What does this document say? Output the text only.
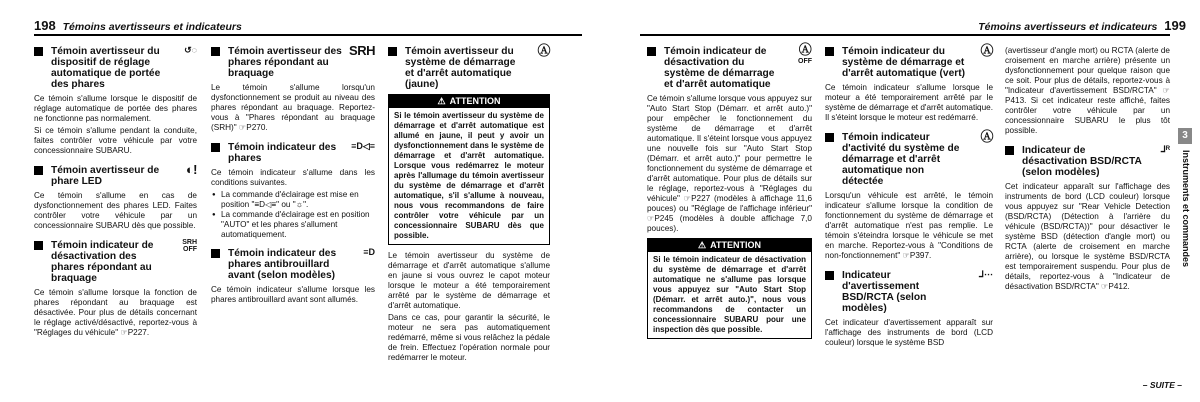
198 Témoins avertisseurs et indicateurs	Témoins avertisseurs et indicateurs 199
Témoin avertisseur du dispositif de réglage automatique de portée des phares
↺◌

Ce témoin s'allume lorsque le dispositif de réglage automatique de portée des phares ne fonctionne pas normalement.

Si ce témoin s'allume pendant la conduite, faites contrôler votre véhicule par votre concessionnaire SUBARU.

Témoin avertisseur de phare LED
◐!

Ce témoin s'allume en cas de dysfonctionnement des phares LED. Faites contrôler votre véhicule par un concessionnaire SUBARU dès que possible.

Témoin indicateur de désactivation des phares répondant au braquage
SRH
OFF

Ce témoin s'allume lorsque la fonction de phares répondant au braquage est désactivée. Pour plus de détails concernant le réglage activé/désactivé, reportez-vous à "Réglages du véhicule" ☞P227.

Témoin avertisseur des phares répondant au braquage
SRH

Le témoin s'allume lorsqu'un dysfonctionnement se produit au niveau des phares répondant au braquage. Reportez-vous à "Phares répondant au braquage (SRH)" ☞P270.

Témoin indicateur des phares
≡D◁≡

Ce témoin indicateur s'allume dans les conditions suivantes.

● La commande d'éclairage est mise en position "≡D◁≡" ou "☼".
● La commande d'éclairage est en position "AUTO" et les phares s'allument automatiquement.
Témoin indicateur des phares antibrouillard avant (selon modèles)
≡D

Ce témoin indicateur s'allume lorsque les phares antibrouillard avant sont allumés.

Témoin avertisseur du système de démarrage et d'arrêt automatique (jaune)
Ⓐ
⚠ ATTENTION
Si le témoin avertisseur du système de démarrage et d'arrêt automatique est allumé en jaune, il peut y avoir un dysfonctionnement dans le système de démarrage et d'arrêt automatique. Lorsque vous redémarrez le moteur après l'allumage du témoin avertisseur du système de démarrage et d'arrêt automatique, s'il s'allume à nouveau, nous vous recommandons de faire contrôler votre véhicule par un concessionnaire SUBARU dès que possible.

Le témoin avertisseur du système de démarrage et d'arrêt automatique s'allume en jaune si vous ouvrez le capot moteur lorsque le moteur a été temporairement arrêté par le système de démarrage et d'arrêt automatique.

Dans ce cas, pour garantir la sécurité, le moteur ne sera pas automatiquement redémarré, même si vous relâchez la pédale de frein. Effectuez l'opération normale pour redémarrer le moteur.

Témoin indicateur de désactivation du système de démarrage et d'arrêt automatique
Ⓐ
OFF

Ce témoin s'allume lorsque vous appuyez sur "Auto Start Stop (Démarr. et arrêt auto.)" pour empêcher le fonctionnement du système de démarrage et d'arrêt automatique. Il s'éteint lorsque vous appuyez une nouvelle fois sur "Auto Start Stop (Démarr. et arrêt auto.)" pour permettre le fonctionnement du système de démarrage et d'arrêt automatique. Pour plus de détails sur le réglage, reportez-vous à "Réglages du véhicule" ☞P227 (modèles à affichage 11,6 pouces) ou "Réglage de l'affichage inférieur" ☞P245 (modèles à double affichage 7,0 pouces).

⚠ ATTENTION
Si le témoin indicateur de désactivation du système de démarrage et d'arrêt automatique ne s'allume pas lorsque vous appuyez sur "Auto Start Stop (Démarr. et arrêt auto.)", nous vous recommandons de contacter un concessionnaire SUBARU pour une inspection dès que possible.
Témoin indicateur du système de démarrage et d'arrêt automatique (vert)
Ⓐ

Ce témoin indicateur s'allume lorsque le moteur a été temporairement arrêté par le système de démarrage et d'arrêt automatique. Il s'éteint lorsque le moteur est redémarré.

Témoin indicateur d'activité du système de démarrage et d'arrêt automatique non détectée
Ⓐ

Lorsqu'un véhicule est arrêté, le témoin indicateur s'allume lorsque la condition de fonctionnement du système de démarrage et d'arrêt automatique n'est pas remplie. Le témoin s'éteindra lorsque le véhicule se met en marche. Reportez-vous à "Conditions de non-fonctionnement" ☞P397.

Indicateur d'avertissement BSD/RCTA (selon modèles)
⅃⋯

Cet indicateur d'avertissement apparaît sur l'affichage des instruments de bord (LCD couleur) lorsque le système BSD

(avertisseur d'angle mort) ou RCTA (alerte de croisement en marche arrière) présente un dysfonctionnement pour quelque raison que ce soit. Pour plus de détails, reportez-vous à "Indicateur d'avertissement BSD/RCTA" ☞P413. Si cet indicateur reste affiché, faites contrôler votre véhicule par un concessionnaire SUBARU le plus tôt possible.

Indicateur de désactivation BSD/RCTA (selon modèles)
⅃ᴿ

Cet indicateur apparaît sur l'affichage des instruments de bord (LCD couleur) lorsque vous appuyez sur "Rear Vehicle Detection (BSD/RCTA) (Détection à l'arrière du véhicule (BSD/RCTA))" pour désactiver le système BSD (détection d'angle mort) ou RCTA (alerte de croisement en marche arrière), ou lorsque le système BSD/RCTA est temporairement suspendu. Pour plus de détails, reportez-vous à "Indicateur de désactivation BSD/RCTA" ☞P412.

3
Instruments et commandes
– SUITE –
